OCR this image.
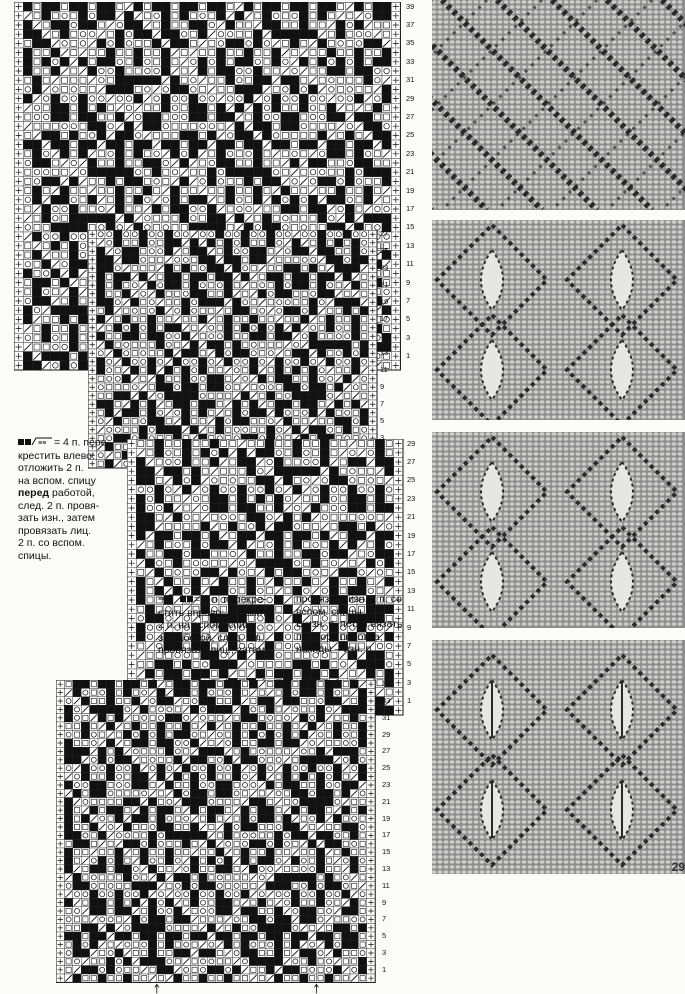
39
37
35
33
31
29
27
25
23
21
19
17
15
13
11
9
7
5
3
1
27
25
23
21
19
17
15
13
11
9
7
5
3
29
27
25
23
21
19
17
15
13
11
9
7
5
3
1
35
33
31
29
27
25
23
21
19
17
15
13
11
9
7
5
3
1
≡≡ = 4 п. пере-
крестить влево:
отложить 2 п.
на вспом. спицу
перед работой,
след. 2 п. провя-
зать изн., затем
провязать лиц.
2 п. со вспом.
спицы.
≡≡	= 4 п. перекре-
стить вправо: отложить
2 п. на вспом. спицу
за работой, след. 2 п.
провязать лиц., затем
провязать изн. 2 п. со
вспом. спицы.
В изн. р. петли вязать
по узору полотна,
накиды – изн. п.
29
